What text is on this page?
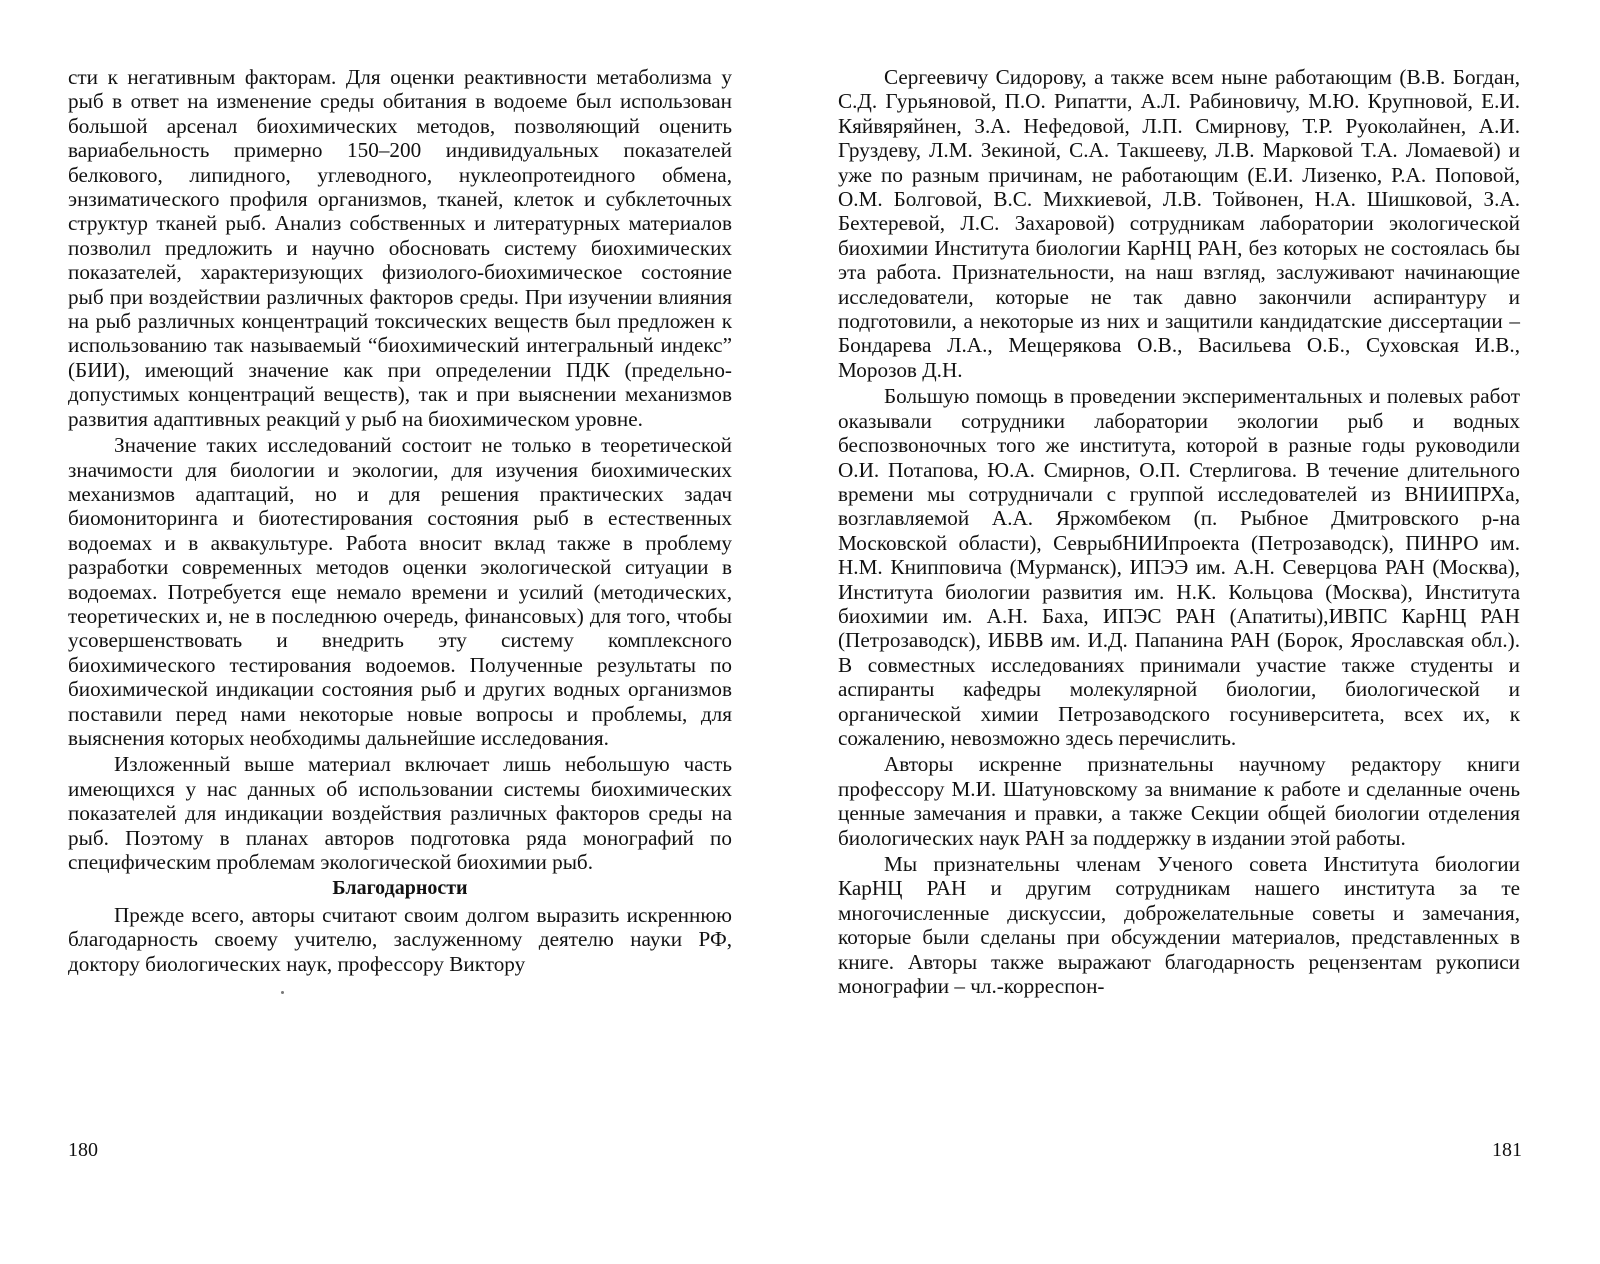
сти к негативным факторам. Для оценки реактивности метаболизма у рыб в ответ на изменение среды обитания в водоеме был использован большой арсенал биохимических методов, позволяющий оценить вариабельность примерно 150–200 индивидуальных показателей белкового, липидного, углеводного, нуклеопротеидного обмена, энзиматического профиля организмов, тканей, клеток и субклеточных структур тканей рыб. Анализ собственных и литературных материалов позволил предложить и научно обосновать систему биохимических показателей, характеризующих физиолого-биохимическое состояние рыб при воздействии различных факторов среды. При изучении влияния на рыб различных концентраций токсических веществ был предложен к использованию так называемый “биохимический интегральный индекс” (БИИ), имеющий значение как при определении ПДК (предельно-допустимых концентраций веществ), так и при выяснении механизмов развития адаптивных реакций у рыб на биохимическом уровне.

Значение таких исследований состоит не только в теоретической значимости для биологии и экологии, для изучения биохимических механизмов адаптаций, но и для решения практических задач биомониторинга и биотестирования состояния рыб в естественных водоемах и в аквакультуре. Работа вносит вклад также в проблему разработки современных методов оценки экологической ситуации в водоемах. Потребуется еще немало времени и усилий (методических, теоретических и, не в последнюю очередь, финансовых) для того, чтобы усовершенствовать и внедрить эту систему комплексного биохимического тестирования водоемов. Полученные результаты по биохимической индикации состояния рыб и других водных организмов поставили перед нами некоторые новые вопросы и проблемы, для выяснения которых необходимы дальнейшие исследования.

Изложенный выше материал включает лишь небольшую часть имеющихся у нас данных об использовании системы биохимических показателей для индикации воздействия различных факторов среды на рыб. Поэтому в планах авторов подготовка ряда монографий по специфическим проблемам экологической биохимии рыб.

Благодарности

Прежде всего, авторы считают своим долгом выразить искреннюю благодарность своему учителю, заслуженному деятелю науки РФ, доктору биологических наук, профессору Виктору

180

Сергеевичу Сидорову, а также всем ныне работающим (В.В. Богдан, С.Д. Гурьяновой, П.О. Рипатти, А.Л. Рабиновичу, М.Ю. Крупновой, Е.И. Кяйвяряйнен, З.А. Нефедовой, Л.П. Смирнову, Т.Р. Руоколайнен, А.И. Груздеву, Л.М. Зекиной, С.А. Такшееву, Л.В. Марковой Т.А. Ломаевой) и уже по разным причинам, не работающим (Е.И. Лизенко, Р.А. Поповой, О.М. Болговой, В.С. Михкиевой, Л.В. Тойвонен, Н.А. Шишковой, З.А. Бехтеревой, Л.С. Захаровой) сотрудникам лаборатории экологической биохимии Института биологии КарНЦ РАН, без которых не состоялась бы эта работа. Признательности, на наш взгляд, заслуживают начинающие исследователи, которые не так давно закончили аспирантуру и подготовили, а некоторые из них и защитили кандидатские диссертации – Бондарева Л.А., Мещерякова О.В., Васильева О.Б., Суховская И.В., Морозов Д.Н.

Большую помощь в проведении экспериментальных и полевых работ оказывали сотрудники лаборатории экологии рыб и водных беспозвоночных того же института, которой в разные годы руководили О.И. Потапова, Ю.А. Смирнов, О.П. Стерлигова. В течение длительного времени мы сотрудничали с группой исследователей из ВНИИПРХа, возглавляемой А.А. Яржомбеком (п. Рыбное Дмитровского р-на Московской области), СеврыбНИИпроекта (Петрозаводск), ПИНРО им. Н.М. Книпповича (Мурманск), ИПЭЭ им. А.Н. Северцова РАН (Москва), Института биологии развития им. Н.К. Кольцова (Москва), Института биохимии им. А.Н. Баха, ИПЭС РАН (Апатиты),ИВПС КарНЦ РАН (Петрозаводск), ИБВВ им. И.Д. Папанина РАН (Борок, Ярославская обл.). В совместных исследованиях принимали участие также студенты и аспиранты кафедры молекулярной биологии, биологической и органической химии Петрозаводского госуниверситета, всех их, к сожалению, невозможно здесь перечислить.

Авторы искренне признательны научному редактору книги профессору М.И. Шатуновскому за внимание к работе и сделанные очень ценные замечания и правки, а также Секции общей биологии отделения биологических наук РАН за поддержку в издании этой работы.

Мы признательны членам Ученого совета Института биологии КарНЦ РАН и другим сотрудникам нашего института за те многочисленные дискуссии, доброжелательные советы и замечания, которые были сделаны при обсуждении материалов, представленных в книге. Авторы также выражают благодарность рецензентам рукописи монографии – чл.-корреспон-

181
